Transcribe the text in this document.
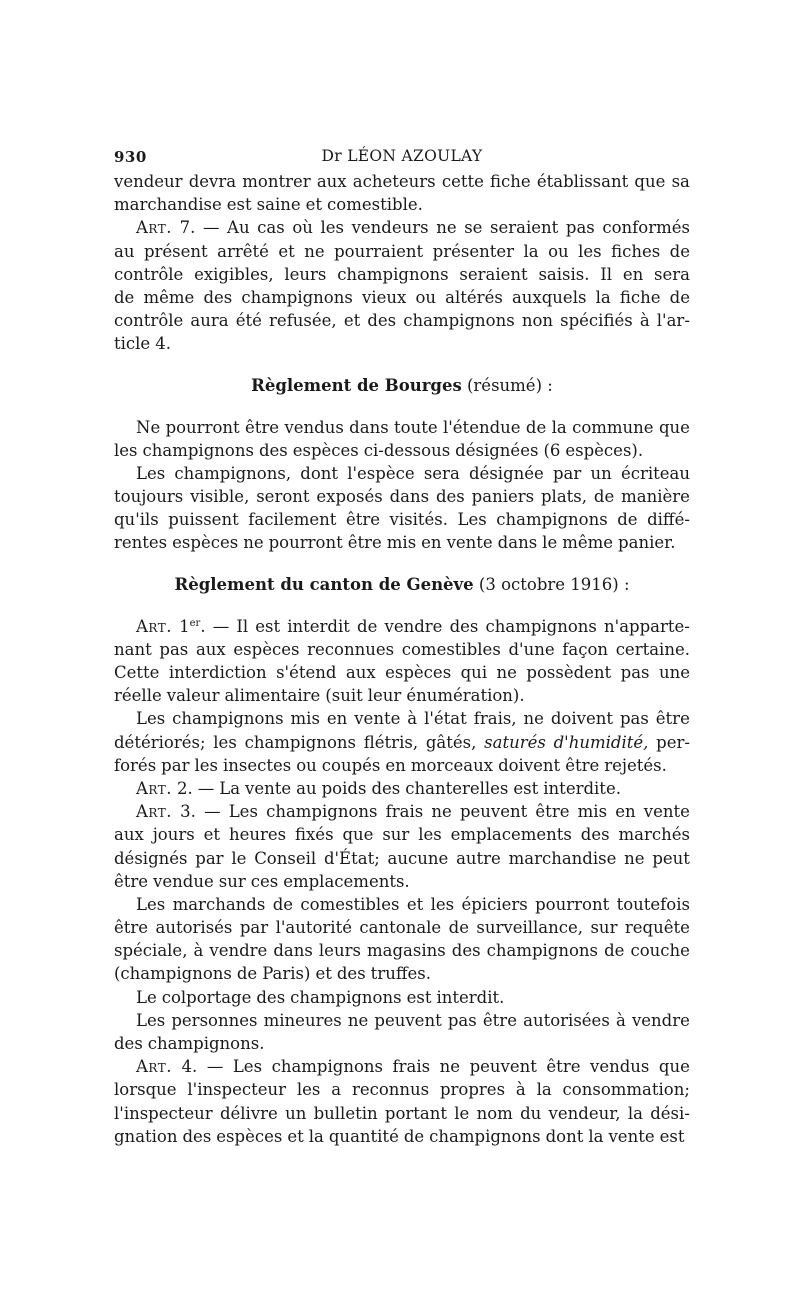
930	Dr LÉON AZOULAY
vendeur devra montrer aux acheteurs cette fiche établissant que sa
marchandise est saine et comestible.
Art. 7. — Au cas où les vendeurs ne se seraient pas conformés
au présent arrêté et ne pourraient présenter la ou les fiches de
contrôle exigibles, leurs champignons seraient saisis. Il en sera
de même des champignons vieux ou altérés auxquels la fiche de
contrôle aura été refusée, et des champignons non spécifiés à l'ar-
ticle 4.
Règlement de Bourges (résumé) :
Ne pourront être vendus dans toute l'étendue de la commune que
les champignons des espèces ci-dessous désignées (6 espèces).
Les champignons, dont l'espèce sera désignée par un écriteau
toujours visible, seront exposés dans des paniers plats, de manière
qu'ils puissent facilement être visités. Les champignons de diffé-
rentes espèces ne pourront être mis en vente dans le même panier.
Règlement du canton de Genève (3 octobre 1916) :
Art. 1er. — Il est interdit de vendre des champignons n'apparte-
nant pas aux espèces reconnues comestibles d'une façon certaine.
Cette interdiction s'étend aux espèces qui ne possèdent pas une
réelle valeur alimentaire (suit leur énumération).
Les champignons mis en vente à l'état frais, ne doivent pas être
détériorés; les champignons flétris, gâtés, saturés d'humidité, per-
forés par les insectes ou coupés en morceaux doivent être rejetés.
Art. 2. — La vente au poids des chanterelles est interdite.
Art. 3. — Les champignons frais ne peuvent être mis en vente
aux jours et heures fixés que sur les emplacements des marchés
désignés par le Conseil d'État; aucune autre marchandise ne peut
être vendue sur ces emplacements.
Les marchands de comestibles et les épiciers pourront toutefois
être autorisés par l'autorité cantonale de surveillance, sur requête
spéciale, à vendre dans leurs magasins des champignons de couche
(champignons de Paris) et des truffes.
Le colportage des champignons est interdit.
Les personnes mineures ne peuvent pas être autorisées à vendre
des champignons.
Art. 4. — Les champignons frais ne peuvent être vendus que
lorsque l'inspecteur les a reconnus propres à la consommation;
l'inspecteur délivre un bulletin portant le nom du vendeur, la dési-
gnation des espèces et la quantité de champignons dont la vente est
